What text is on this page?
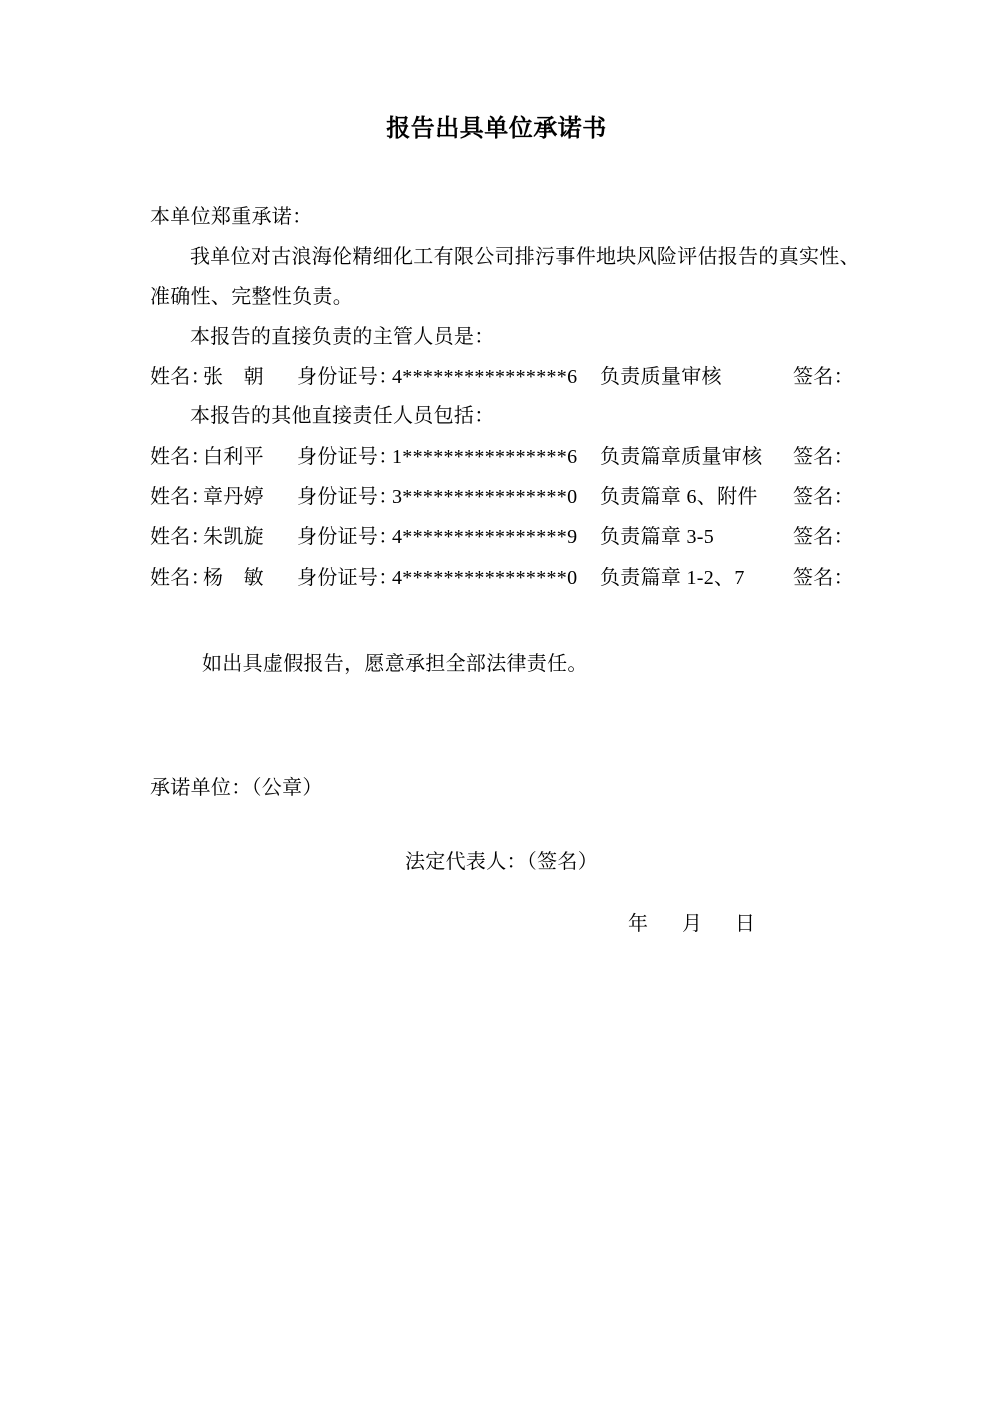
报告出具单位承诺书
本单位郑重承诺：
我单位对古浪海伦精细化工有限公司排污事件地块风险评估报告的真实性、
准确性、完整性负责。
本报告的直接负责的主管人员是：
姓名：
张　朝 身份证号：
4****************6 负责质量审核	签名：
本报告的其他直接责任人员包括：
姓名：
白利平 身份证号：
1****************6 负责篇章质量审核 签名：
姓名：
章丹婷 身份证号：
3****************0 负责篇章 6、附件 签名：
姓名：
朱凯旋 身份证号：
4****************9 负责篇章 3-5	签名：
姓名：
杨　敏 身份证号：
4****************0 负责篇章 1-2、7 签名：
如出具虚假报告，愿意承担全部法律责任。
承诺单位：（公章）
法定代表人：（签名）
年 月 日
